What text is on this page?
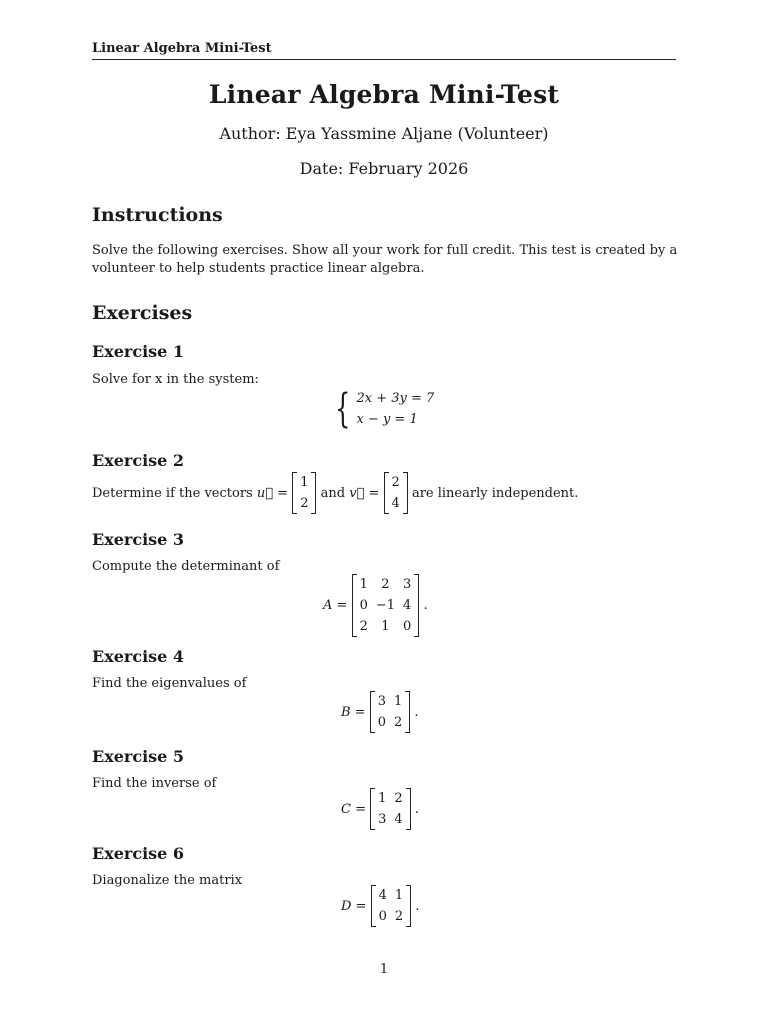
Linear Algebra Mini-Test
Linear Algebra Mini-Test
Author: Eya Yassmine Aljane (Volunteer)
Date: February 2026
Instructions
Solve the following exercises. Show all your work for full credit. This test is created by a volunteer to help students practice linear algebra.
Exercises
Exercise 1
Solve for x in the system:
{ 2x + 3y = 7
x − y = 1
Exercise 2
Determine if the vectors
u⃗ =

1
2

and
v⃗ =

2
4

are linearly independent.
Exercise 3
Compute the determinant of
A =

1	2	3
0	−1	4
2	1	0

.
Exercise 4
Find the eigenvalues of
B =

3	1
0	2

.
Exercise 5
Find the inverse of
C =

1	2
3	4

.
Exercise 6
Diagonalize the matrix
D =

4	1
0	2

.
1
